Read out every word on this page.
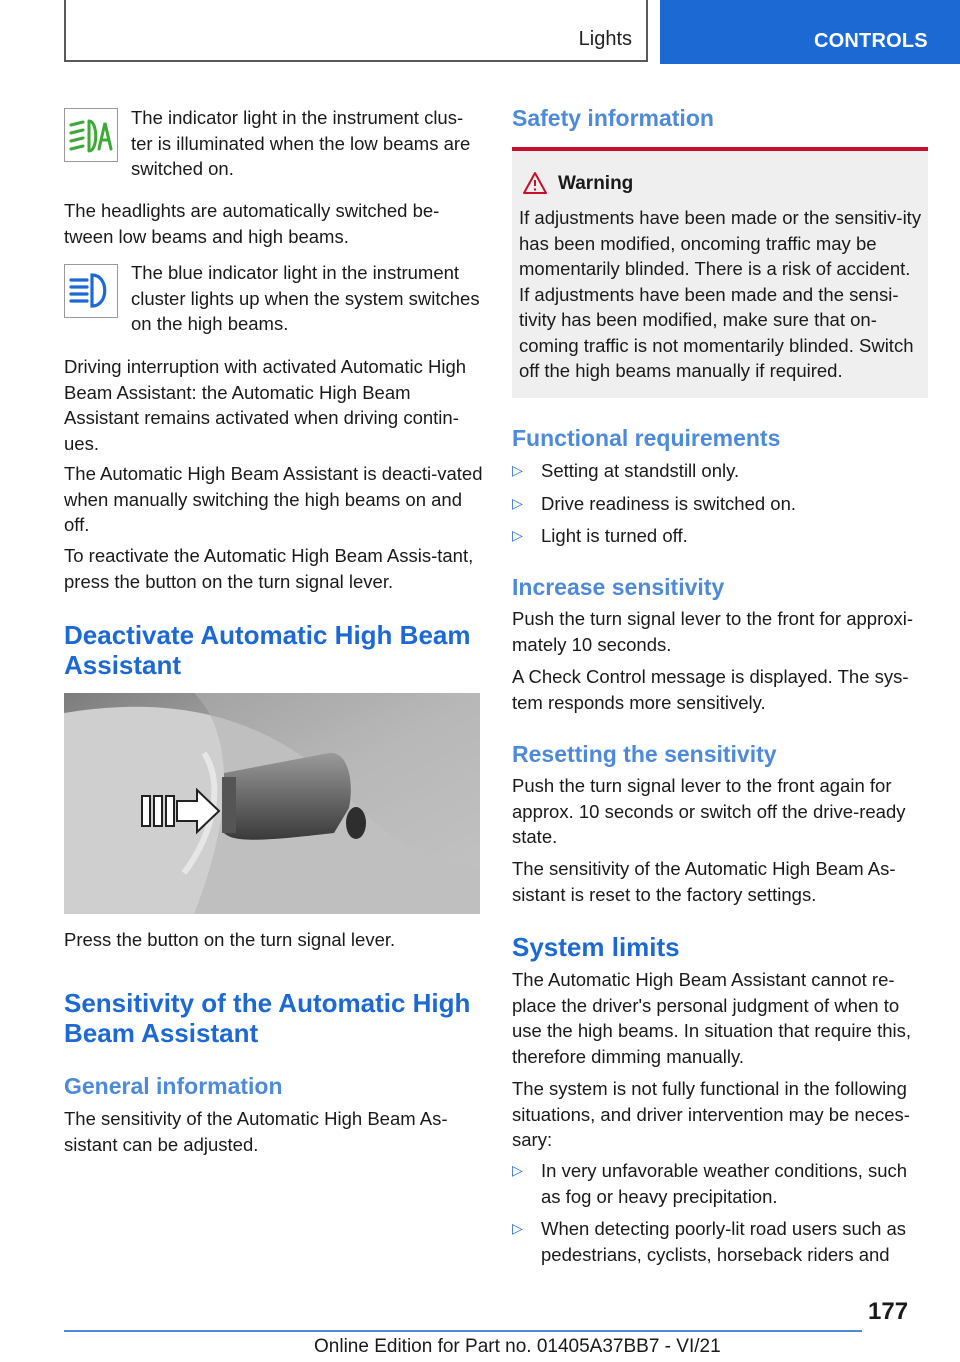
Lights	CONTROLS

The indicator light in the instrument clus‐ter is illuminated when the low beams are switched on.

The headlights are automatically switched be‐tween low beams and high beams.

The blue indicator light in the instrument cluster lights up when the system switches on the high beams.

Driving interruption with activated Automatic High Beam Assistant: the Automatic High Beam Assistant remains activated when driving contin‐ues.

The Automatic High Beam Assistant is deacti‐vated when manually switching the high beams on and off.

To reactivate the Automatic High Beam Assis‐tant, press the button on the turn signal lever.

Deactivate Automatic High Beam Assistant

Press the button on the turn signal lever.

Sensitivity of the Automatic High Beam Assistant
General information

The sensitivity of the Automatic High Beam As‐sistant can be adjusted.

Safety information
Warning
If adjustments have been made or the sensitiv‐ity has been modified, oncoming traffic may be momentarily blinded. There is a risk of accident. If adjustments have been made and the sensi‐tivity has been modified, make sure that on‐coming traffic is not momentarily blinded. Switch off the high beams manually if required.
Functional requirements
▷ Setting at standstill only.
▷ Drive readiness is switched on.
▷ Light is turned off.
Increase sensitivity

Push the turn signal lever to the front for approxi‐mately 10 seconds.

A Check Control message is displayed. The sys‐tem responds more sensitively.

Resetting the sensitivity

Push the turn signal lever to the front again for approx. 10 seconds or switch off the drive-ready state.

The sensitivity of the Automatic High Beam As‐sistant is reset to the factory settings.

System limits

The Automatic High Beam Assistant cannot re‐place the driver's personal judgment of when to use the high beams. In situation that require this, therefore dimming manually.

The system is not fully functional in the following situations, and driver intervention may be neces‐sary:

▷ In very unfavorable weather conditions, such as fog or heavy precipitation.
▷ When detecting poorly-lit road users such as pedestrians, cyclists, horseback riders and
177
Online Edition for Part no. 01405A37BB7 - VI/21
